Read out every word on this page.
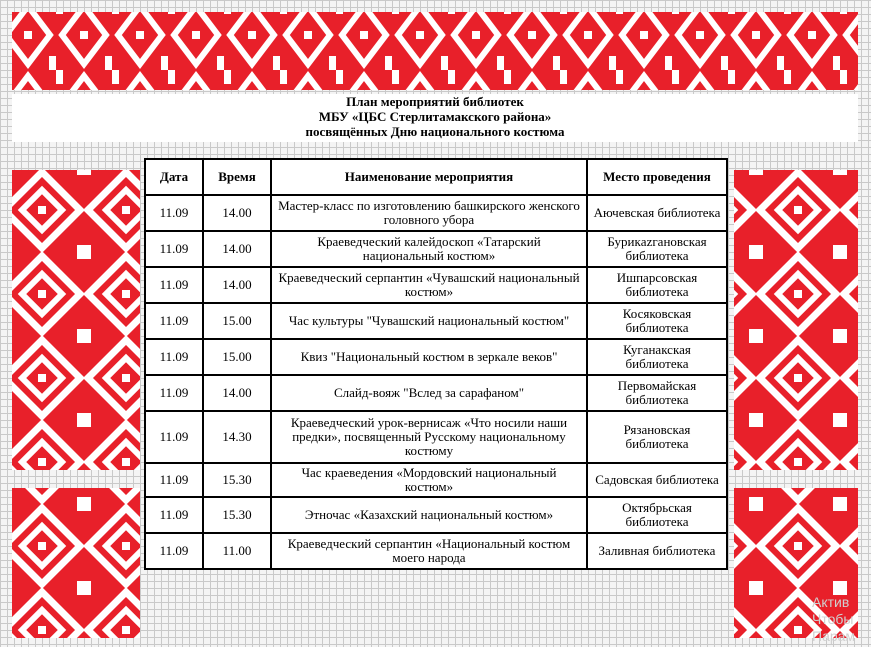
План мероприятий библиотек
МБУ «ЦБС Стерлитамакского района»
посвящённых Дню национального костюма
Дата	Время	Наименование мероприятия	Место проведения
11.09	14.00	Мастер-класс по изготовлению башкирского женского головного убора	Аючевская библиотека
11.09	14.00	Краеведческий калейдоскоп «Татарский национальный костюм»	Бурикazгановская библиотека
11.09	14.00	Краеведческий серпантин «Чувашский национальный костюм»	Ишпарсовская библиотека
11.09	15.00	Час культуры "Чувашский национальный костюм"	Косяковская библиотека
11.09	15.00	Квиз "Национальный костюм в зеркале веков"	Куганакская библиотека
11.09	14.00	Слайд-вояж "Вслед за сарафаном"	Первомайская библиотека
11.09	14.30	Краеведческий урок-вернисаж «Что носили наши предки», посвященный Русскому национальному костюму	Рязановская библиотека
11.09	15.30	Час краеведения «Мордовский национальный костюм»	Садовская библиотека
11.09	15.30	Этночас «Казахский национальный костюм»	Октябрьская библиотека
11.09	11.00	Краеведческий серпантин «Национальный костюм моего народа	Заливная библиотека
Актив
Чтобы
Парам
